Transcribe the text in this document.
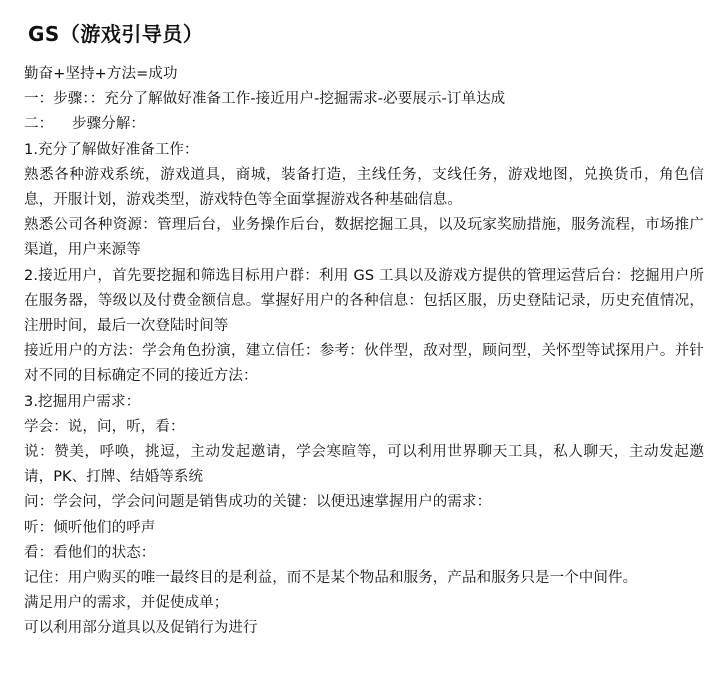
GS（游戏引导员）

勤奋+坚持+方法=成功

一：步骤：：充分了解做好准备工作-接近用户-挖掘需求-必要展示-订单达成

二：    步骤分解：

1.充分了解做好准备工作：

熟悉各种游戏系统，游戏道具，商城，装备打造，主线任务，支线任务，游戏地图，兑换货币，角色信息，开服计划，游戏类型，游戏特色等全面掌握游戏各种基础信息。

熟悉公司各种资源：管理后台，业务操作后台，数据挖掘工具，以及玩家奖励措施，服务流程，市场推广渠道，用户来源等

2.接近用户，首先要挖掘和筛选目标用户群：利用 GS 工具以及游戏方提供的管理运营后台：挖掘用户所在服务器，等级以及付费金额信息。掌握好用户的各种信息：包括区服，历史登陆记录，历史充值情况，注册时间，最后一次登陆时间等

接近用户的方法：学会角色扮演，建立信任：参考：伙伴型，敌对型，顾问型，关怀型等试探用户。并针对不同的目标确定不同的接近方法：

3.挖掘用户需求：

学会：说，问，听，看：

说：赞美，呼唤，挑逗，主动发起邀请，学会寒暄等，可以利用世界聊天工具，私人聊天，主动发起邀请，PK、打牌、结婚等系统

问：学会问，学会问问题是销售成功的关键：以便迅速掌握用户的需求：

听：倾听他们的呼声

看：看他们的状态：

记住：用户购买的唯一最终目的是利益，而不是某个物品和服务，产品和服务只是一个中间件。

满足用户的需求，并促使成单；

可以利用部分道具以及促销行为进行
